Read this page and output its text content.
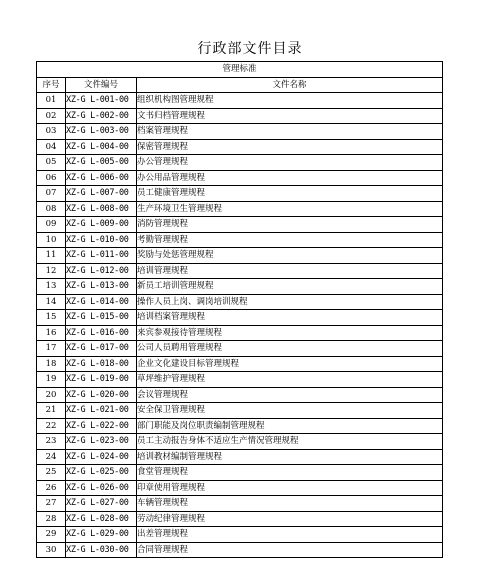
行政部文件目录
管理标准		
序号	文件编号	文件名称
01	XZ-G L-001-00	组织机构图管理规程
02	XZ-G L-002-00	文书归档管理规程
03	XZ-G L-003-00	档案管理规程
04	XZ-G L-004-00	保密管理规程
05	XZ-G L-005-00	办公管理规程
06	XZ-G L-006-00	办公用品管理规程
07	XZ-G L-007-00	员工健康管理规程
08	XZ-G L-008-00	生产环境卫生管理规程
09	XZ-G L-009-00	消防管理规程
10	XZ-G L-010-00	考勤管理规程
11	XZ-G L-011-00	奖励与处惩管理规程
12	XZ-G L-012-00	培训管理规程
13	XZ-G L-013-00	新员工培训管理规程
14	XZ-G L-014-00	操作人员上岗、调岗培训规程
15	XZ-G L-015-00	培训档案管理规程
16	XZ-G L-016-00	来宾参观接待管理规程
17	XZ-G L-017-00	公司人员聘用管理规程
18	XZ-G L-018-00	企业文化建设目标管理规程
19	XZ-G L-019-00	草坪维护管理规程
20	XZ-G L-020-00	会议管理规程
21	XZ-G L-021-00	安全保卫管理规程
22	XZ-G L-022-00	部门职能及岗位职责编制管理规程
23	XZ-G L-023-00	员工主动报告身体不适应生产情况管理规程
24	XZ-G L-024-00	培训教材编制管理规程
25	XZ-G L-025-00	食堂管理规程
26	XZ-G L-026-00	印章使用管理规程
27	XZ-G L-027-00	车辆管理规程
28	XZ-G L-028-00	劳动纪律管理规程
29	XZ-G L-029-00	出差管理规程
30	XZ-G L-030-00	合同管理规程
